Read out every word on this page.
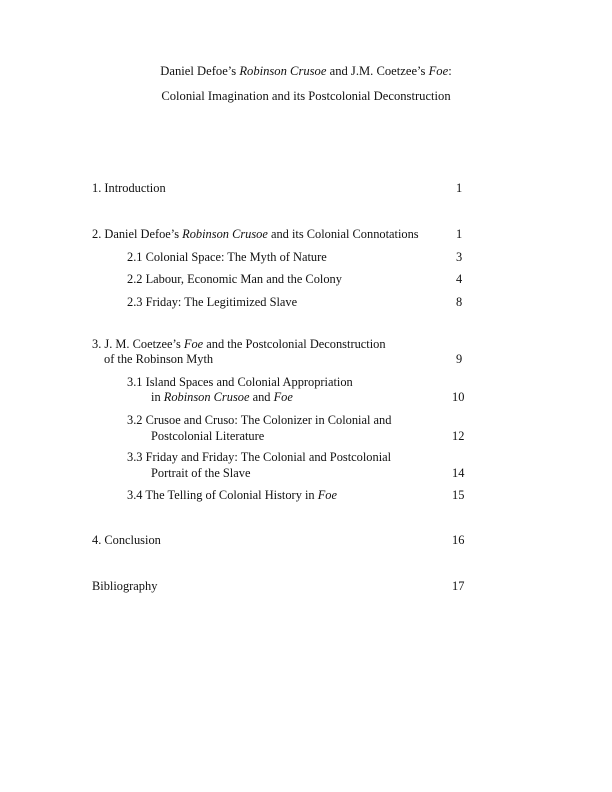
Daniel Defoe’s Robinson Crusoe and J.M. Coetzee’s Foe:
Colonial Imagination and its Postcolonial Deconstruction
1. Introduction	1
2. Daniel Defoe’s Robinson Crusoe and its Colonial Connotations	1
2.1 Colonial Space: The Myth of Nature	3
2.2 Labour, Economic Man and the Colony	4
2.3 Friday: The Legitimized Slave	8
3. J. M. Coetzee’s Foe and the Postcolonial Deconstruction
of the Robinson Myth	9
3.1 Island Spaces and Colonial Appropriation
in Robinson Crusoe and Foe	10
3.2 Crusoe and Cruso: The Colonizer in Colonial and
Postcolonial Literature	12
3.3 Friday and Friday: The Colonial and Postcolonial
Portrait of the Slave	14
3.4 The Telling of Colonial History in Foe	15
4. Conclusion	16
Bibliography	17
